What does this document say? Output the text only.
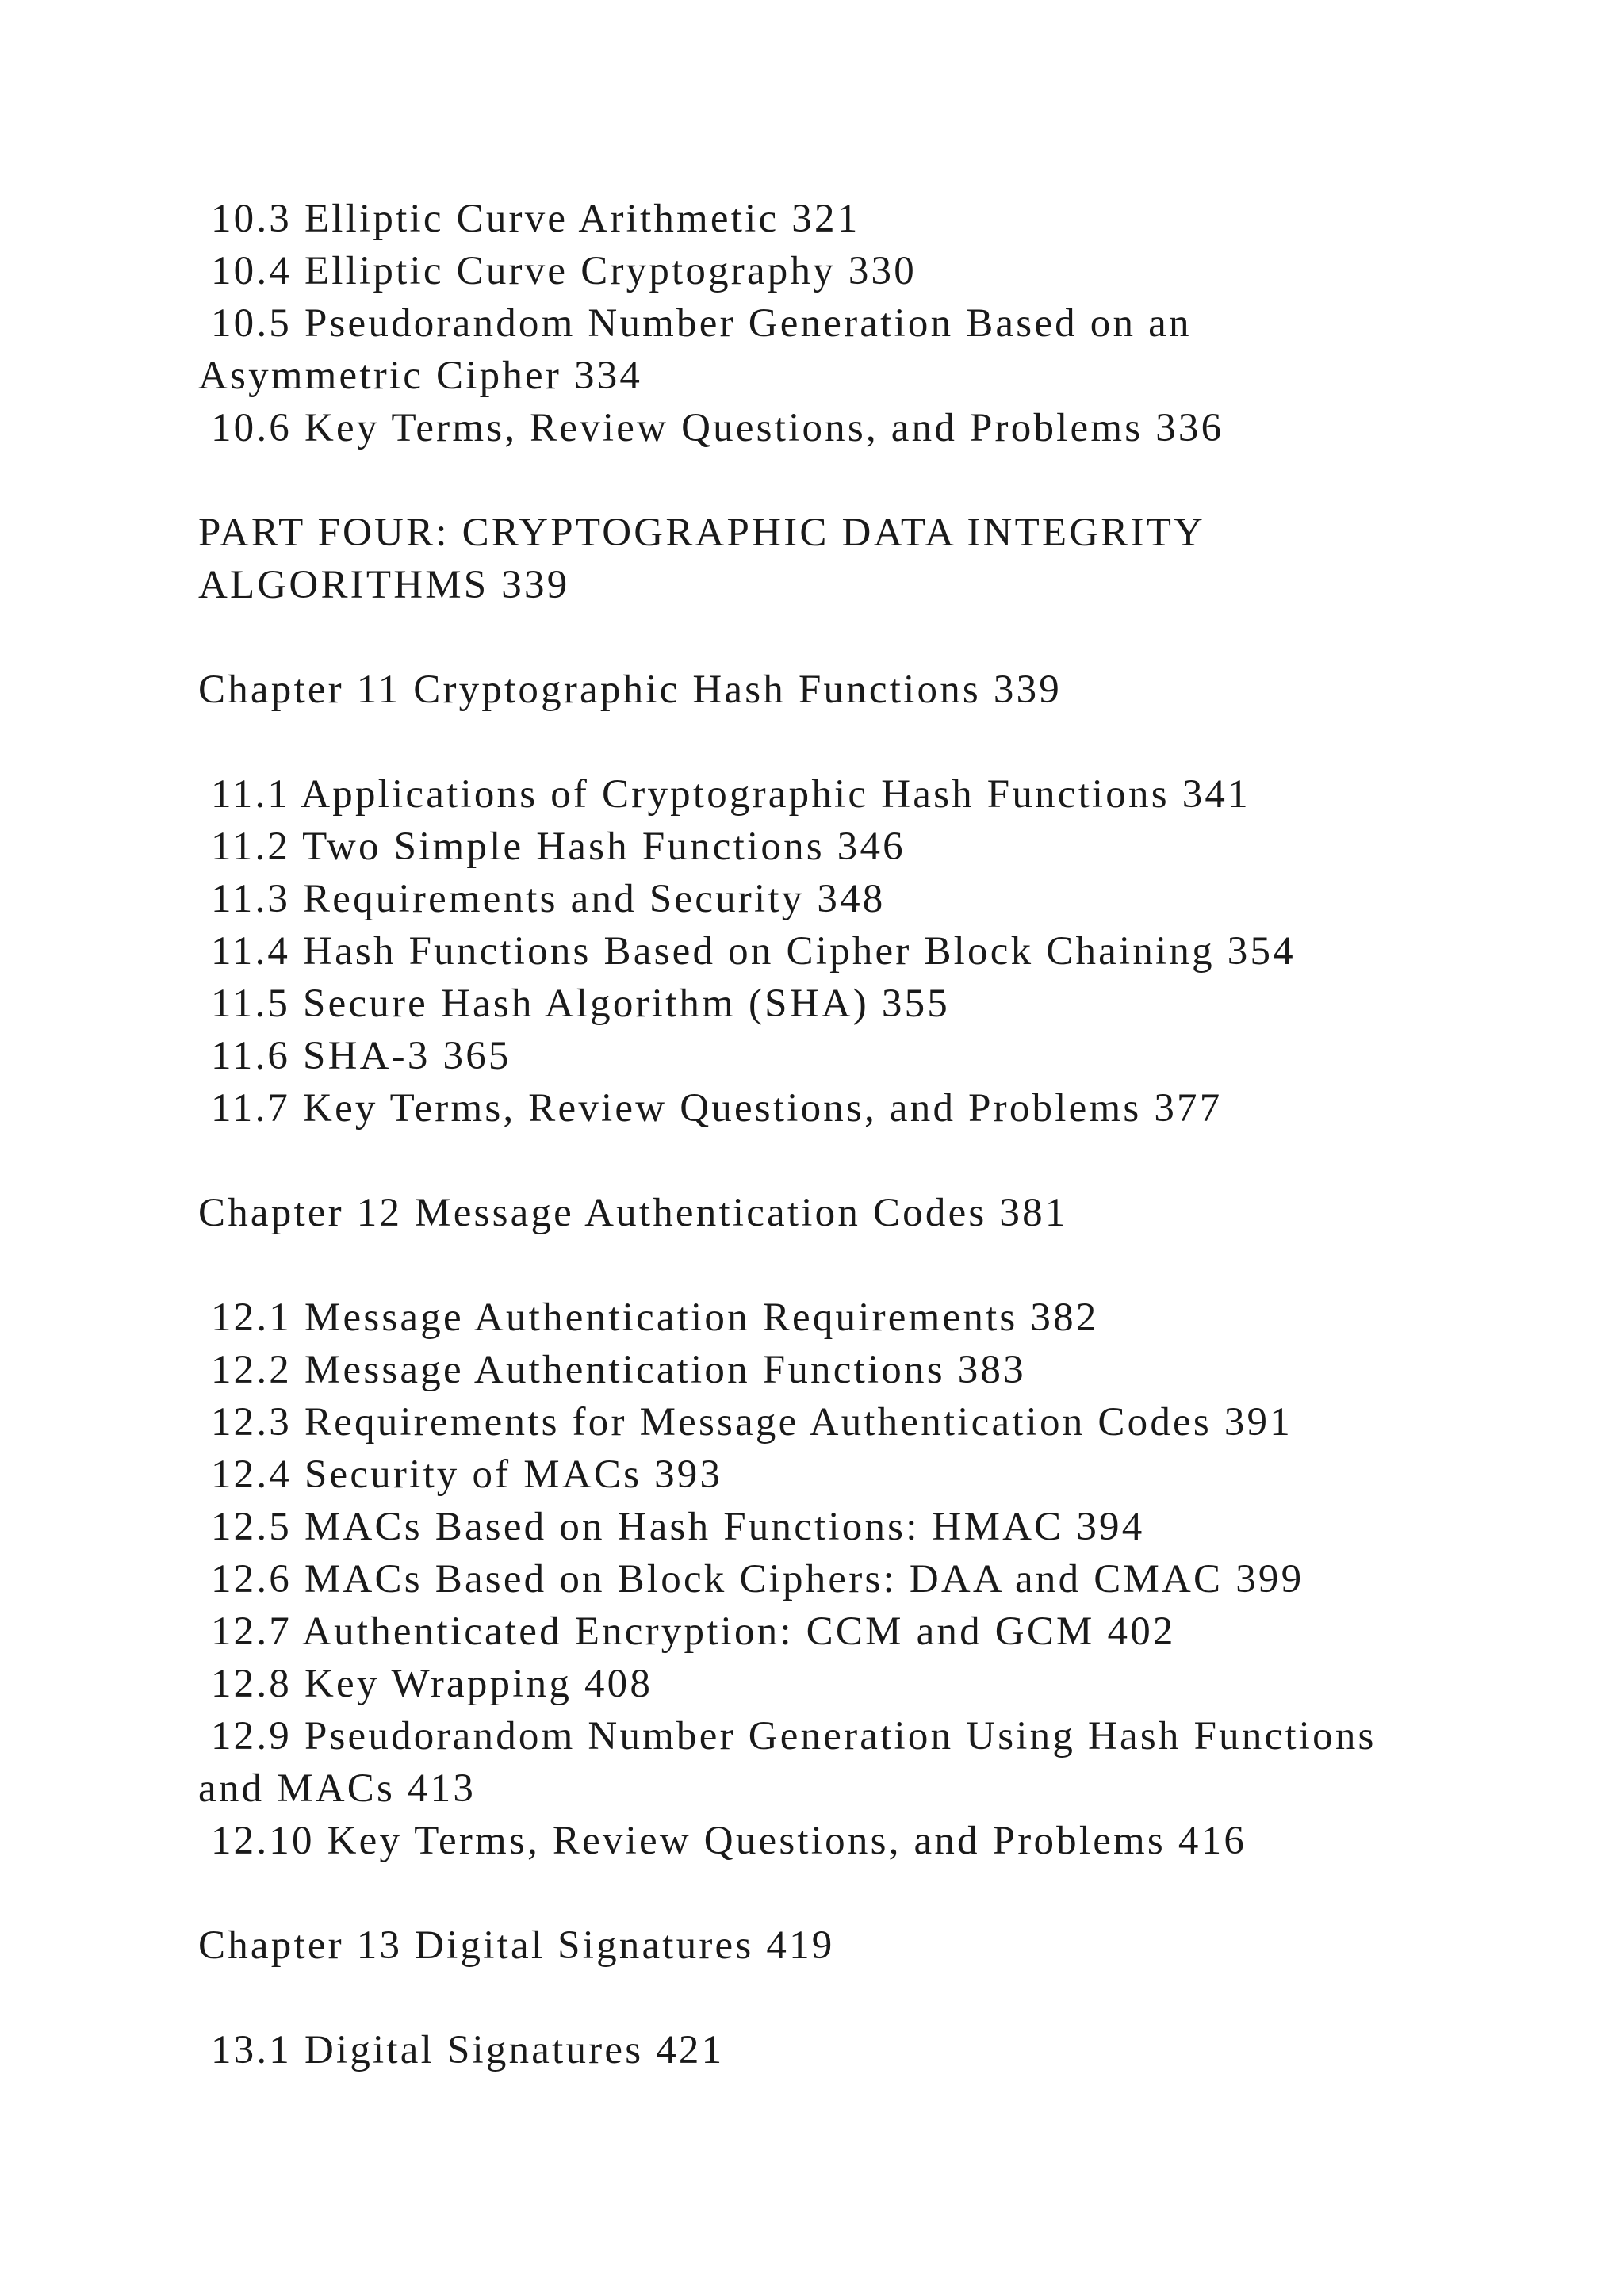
10.3 Elliptic Curve Arithmetic 321
10.4 Elliptic Curve Cryptography 330
10.5 Pseudorandom Number Generation Based on an
Asymmetric Cipher 334
10.6 Key Terms, Review Questions, and Problems 336
PART FOUR: CRYPTOGRAPHIC DATA INTEGRITY
ALGORITHMS 339
Chapter 11 Cryptographic Hash Functions 339
11.1 Applications of Cryptographic Hash Functions 341
11.2 Two Simple Hash Functions 346
11.3 Requirements and Security 348
11.4 Hash Functions Based on Cipher Block Chaining 354
11.5 Secure Hash Algorithm (SHA) 355
11.6 SHA-3 365
11.7 Key Terms, Review Questions, and Problems 377
Chapter 12 Message Authentication Codes 381
12.1 Message Authentication Requirements 382
12.2 Message Authentication Functions 383
12.3 Requirements for Message Authentication Codes 391
12.4 Security of MACs 393
12.5 MACs Based on Hash Functions: HMAC 394
12.6 MACs Based on Block Ciphers: DAA and CMAC 399
12.7 Authenticated Encryption: CCM and GCM 402
12.8 Key Wrapping 408
12.9 Pseudorandom Number Generation Using Hash Functions
and MACs 413
12.10 Key Terms, Review Questions, and Problems 416
Chapter 13 Digital Signatures 419
13.1 Digital Signatures 421
